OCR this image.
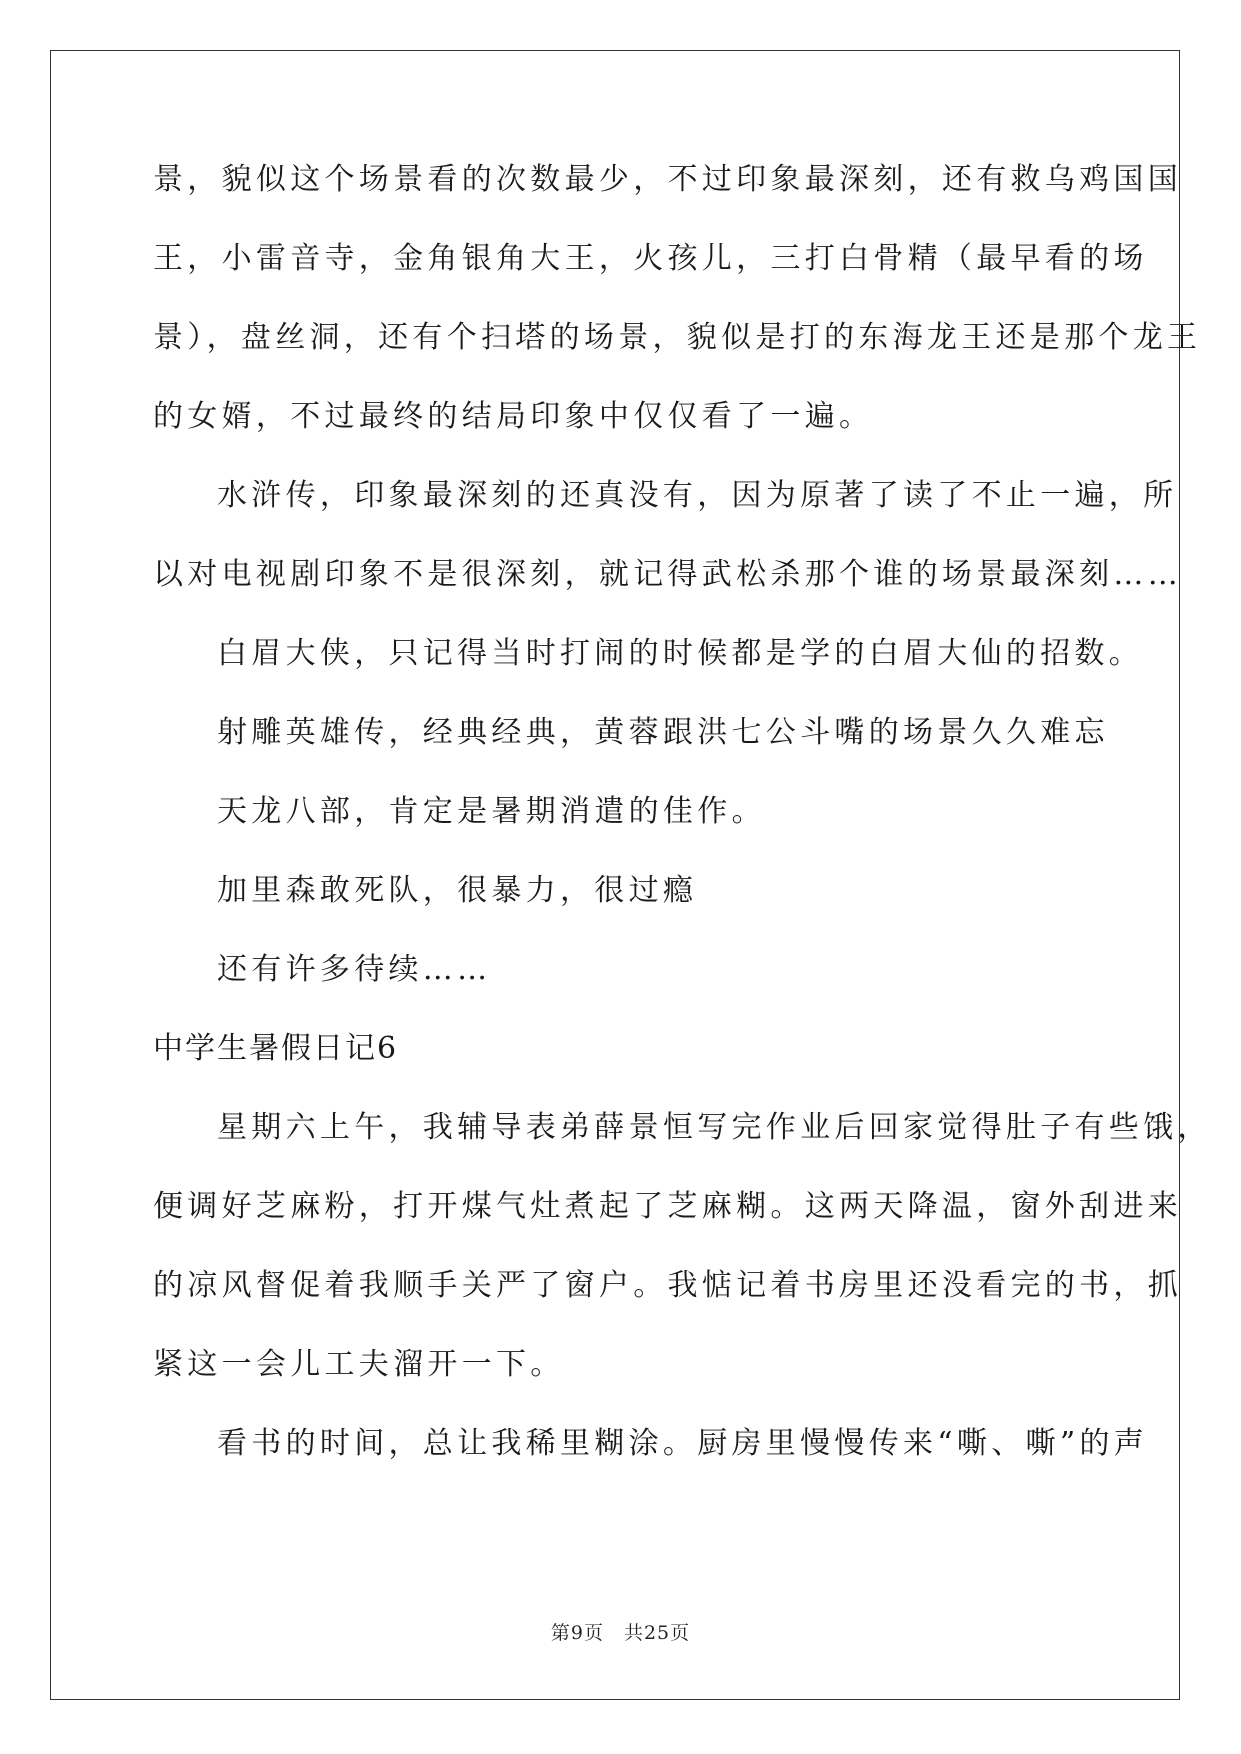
景，貌似这个场景看的次数最少，不过印象最深刻，还有救乌鸡国国
王，小雷音寺，金角银角大王，火孩儿，三打白骨精（最早看的场
景），盘丝洞，还有个扫塔的场景，貌似是打的东海龙王还是那个龙王
的女婿，不过最终的结局印象中仅仅看了一遍。
水浒传，印象最深刻的还真没有，因为原著了读了不止一遍，所
以对电视剧印象不是很深刻，就记得武松杀那个谁的场景最深刻……
白眉大侠，只记得当时打闹的时候都是学的白眉大仙的招数。
射雕英雄传，经典经典，黄蓉跟洪七公斗嘴的场景久久难忘
天龙八部，肯定是暑期消遣的佳作。
加里森敢死队，很暴力，很过瘾
还有许多待续……
中学生暑假日记6
星期六上午，我辅导表弟薛景恒写完作业后回家觉得肚子有些饿，
便调好芝麻粉，打开煤气灶煮起了芝麻糊。这两天降温，窗外刮进来
的凉风督促着我顺手关严了窗户。我惦记着书房里还没看完的书，抓
紧这一会儿工夫溜开一下。
看书的时间，总让我稀里糊涂。厨房里慢慢传来“嘶、嘶”的声
第9页　共25页
